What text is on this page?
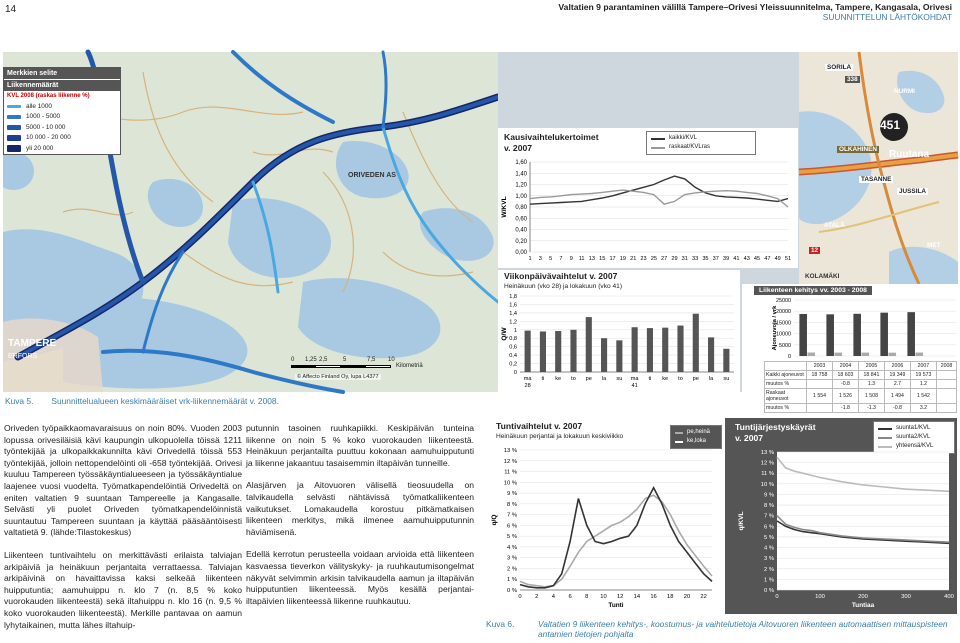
14	Valtatien 9 parantaminen välillä Tampere–Orivesi Yleissuunnitelma, Tampere, Kangasala, Orivesi
SUUNNITTELUN LÄHTÖKOHDAT
ORIVEDEN AS
TAMPERE
ERFORS
Merkkien selite
Liikennemäärät
KVL 2008 (raskas liikenne %)
alle 1000
1000 - 5000
5000 - 10 000
10 000 - 20 000
yli 20 000
0 1,25 2,5	5	7,5 10
Kilometriä
© Affecto Finland Oy, lupa L4377
Kausivaihtelukertoimet
v. 2007
kaikki/KVL
raskaat/KVLras
1,60
1,40
1,20
1,00
0,80
0,60
0,40
0,20
0,00
1 3 5 7 9 11 13 15 17 19 21 23 25 27 29 31 33 35 37 39 41 43 45 47 49 51
W/KVL
Viikonpäivävaihtelut v. 2007
Heinäkuun (vko 28) ja lokakuun (vko 41)
1,8
1,6
1,4
1,2
1
0,8
0,6
0,4
0,2
0
ma ti ke to pe la su ma ti ke to pe la su
28	41
Q/W
SORILA
451
338
NURMI
OLKAHINEN Ruutana
TASANNE
JUSSILA
ATALÄ
12
MET
KOLAMÄKI
Liikenteen kehitys vv. 2003 - 2008
25000
20000
15000
10000
5000
0
Ajoneuvoja / vrk
	2003	2004	2005	2006	2007	2008
Kaikki ajoneuvot	18 758	18 603	18 841	19 349	19 573	
muutos %		-0.8	1.3	2.7	1.2	
Raskaat ajoneuvot	1 554	1 526	1 508	1 494	1 542	
muutos %		-1.8	-1.3	-0.8	3.2	
Kuva 5. Suunnittelualueen keskimääräiset vrk-liikennemäärät v. 2008.

Oriveden työpaikkaomavaraisuus on noin 80%. Vuoden 2003 lopussa orivesiläisiä kävi kaupungin ulkopuolella töissä 1211 työntekijää ja ulkopaikkakunnilta kävi Orivedellä töissä 553 työntekijää, jolloin nettopendelöinti oli -658 työntekijää. Orivesi kuuluu Tampereen työssäkäyntialueeseen ja työssäkäyntialue laajenee vuosi vuodelta. Työmatkapendelöintiä Orivedeltä on eniten valtatien 9 suuntaan Tampereelle ja Kangasalle. Selvästi yli puolet Oriveden työmatkapendelöinnistä suuntautuu Tampereen suuntaan ja käyttää pääsääntöisesti valtatietä 9. (lähde:Tilastokeskus)

Liikenteen tuntivaihtelu on merkittävästi erilaista talviajan arkipäiviä ja heinäkuun perjantaita verrattaessa. Talviajan arkipäivinä on havaittavissa kaksi selkeää liikenteen huipputuntia; aamuhuippu n. klo 7 (n. 8,5 % koko vuorokauden liikenteestä) sekä iltahuippu n. klo 16 (n. 9,5 % koko vuorokauden liikenteestä). Merkille pantavaa on aamun lyhytaikainen, mutta lähes iltahuip-

putunnin tasoinen ruuhkapiikki. Keskipäivän tunteina liikenne on noin 5 % koko vuorokauden liikenteestä. Heinäkuun perjantailta puuttuu kokonaan aamuhuipputunti ja liikenne jakaantuu tasaisemmin iltapäivän tunneille.

Alasjärven ja Aitovuoren välisellä tieosuudella on talvikaudella selvästi nähtävissä työmatkaliikenteen vaikutukset. Lomakaudella korostuu pitkämatkaisen liikenteen merkitys, mikä ilmenee aamuhuipputunnin häviämisenä.

Edellä kerrotun perusteella voidaan arvioida että liikenteen kasvaessa tieverkon välityskyky- ja ruuhkautumisongelmat näkyvät selvimmin arkisin talvikaudella aamun ja iltapäivän huipputuntien liikenteessä. Myös kesällä perjantai-iltapäivien liikenteessä liikenne ruuhkautuu.

Tuntivaihtelut v. 2007
Heinäkuun perjantai ja lokakuun keskiviikko
pe,heinä
ke,loka
13 %
12 %
11 %
10 %
9 %
8 %
7 %
6 %
5 %
4 %
3 %
2 %
1 %
0 %
0 2 4 6 8 10 12 14 16 18 20 22
Tunti
q/Q
Tuntijärjestyskäyrät
v. 2007
suunta1/KVL
suunta2/KVL
yhteensä/KVL
13 %
12 %
11 %
10 %
9 %
8 %
7 %
6 %
5 %
4 %
3 %
2 %
1 %
0 %
0	100	200	300	400
Tuntiaa
q/KVL
Kuva 6.	Valtatien 9 liikenteen kehitys-, koostumus- ja vaihtelutietoja Aitovuoren liikenteen automaattisen mittauspisteen antamien tietojen pohjalta
